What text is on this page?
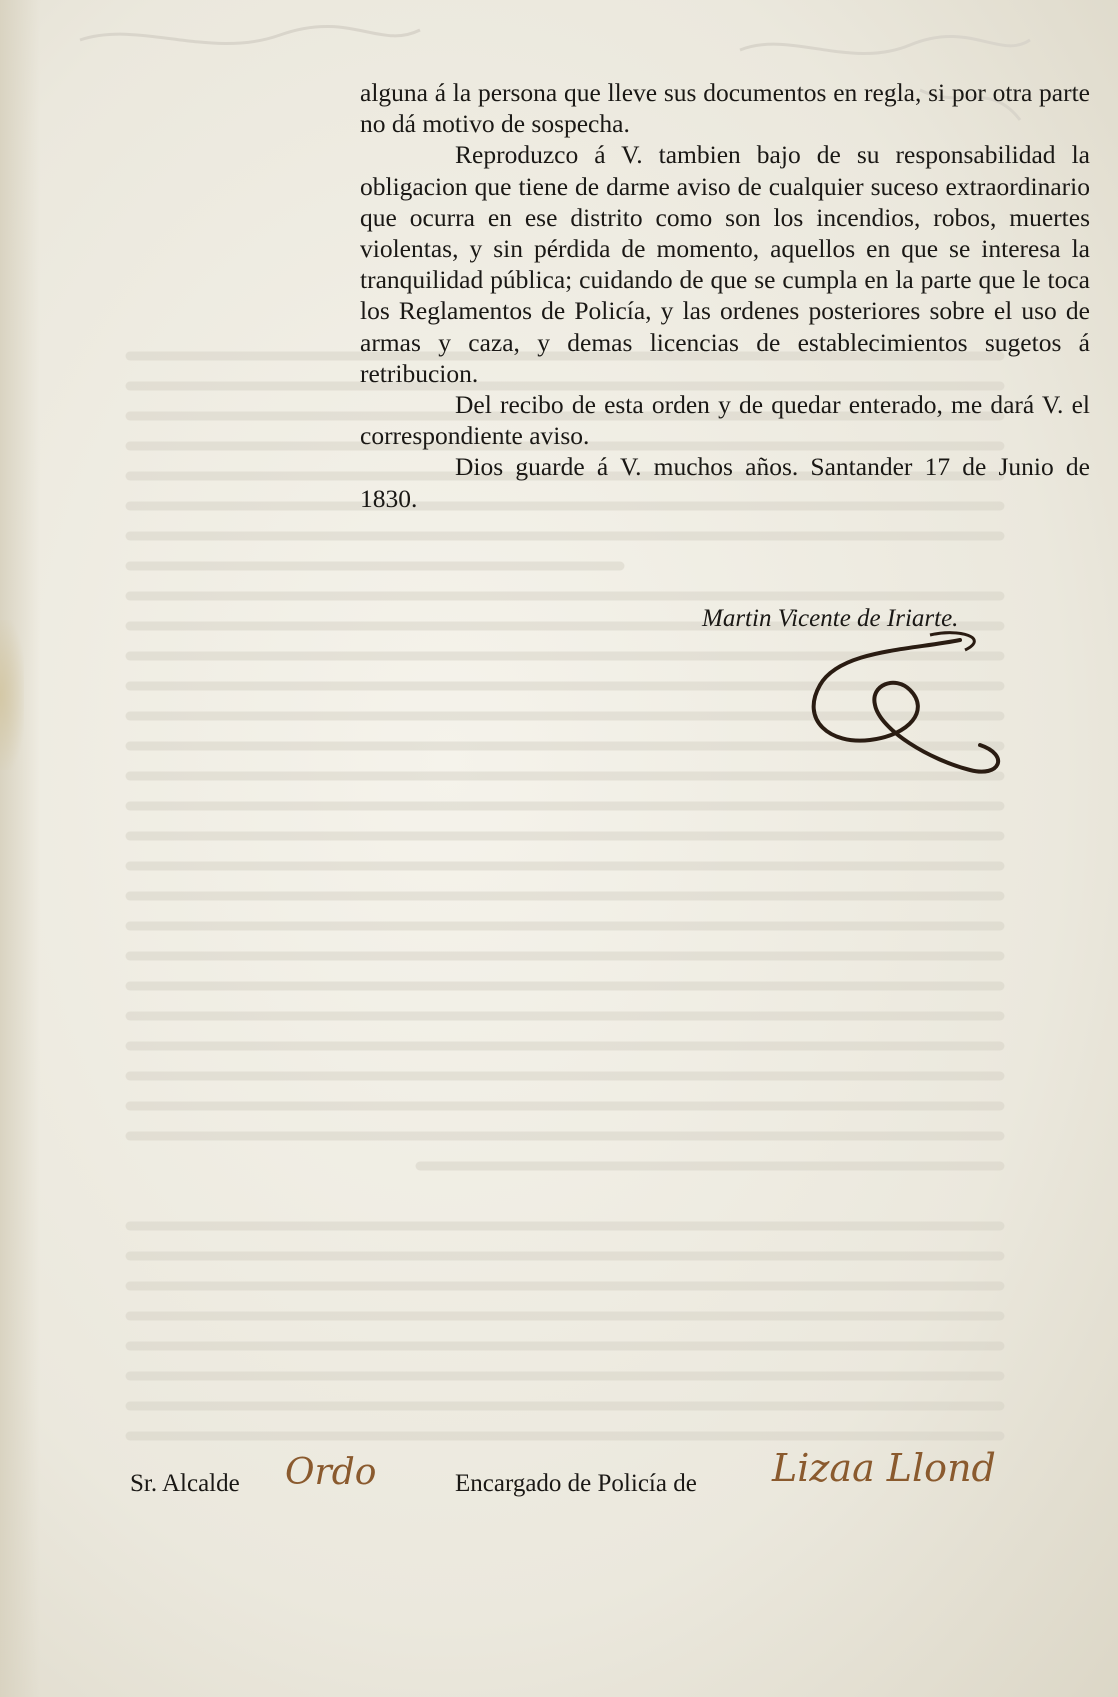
alguna á la persona que lleve sus documentos en regla, si por otra parte no dá motivo de sospecha.

Reproduzco á V. tambien bajo de su responsabilidad la obligacion que tiene de darme aviso de cualquier suceso extraordinario que ocurra en ese distrito como son los incendios, robos, muertes violentas, y sin pérdida de momento, aquellos en que se interesa la tranquilidad pública; cuidando de que se cumpla en la parte que le toca los Reglamentos de Policía, y las ordenes posteriores sobre el uso de armas y caza, y demas licencias de establecimientos sugetos á retribucion.

Del recibo de esta orden y de quedar enterado, me dará V. el correspondiente aviso.

Dios guarde á V. muchos años. Santander 17 de Junio de 1830.

Martin Vicente de Iriarte.
Sr. Alcalde	Encargado de Policía de
Ordo	Lizaa Llond
